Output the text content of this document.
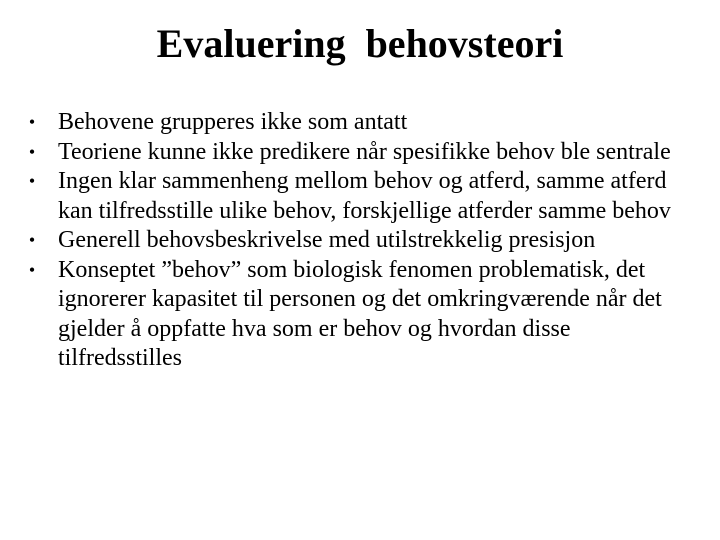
Evaluering  behovsteori
• Behovene grupperes ikke som antatt
• Teoriene kunne ikke predikere når spesifikke behov ble sentrale
• Ingen klar sammenheng mellom behov og atferd, samme atferd kan tilfredsstille ulike behov, forskjellige atferder samme behov
• Generell behovsbeskrivelse med utilstrekkelig presisjon
• Konseptet ”behov” som biologisk fenomen problematisk, det ignorerer kapasitet til personen og det omkringværende når det gjelder å oppfatte hva som er behov og hvordan disse tilfredsstilles
